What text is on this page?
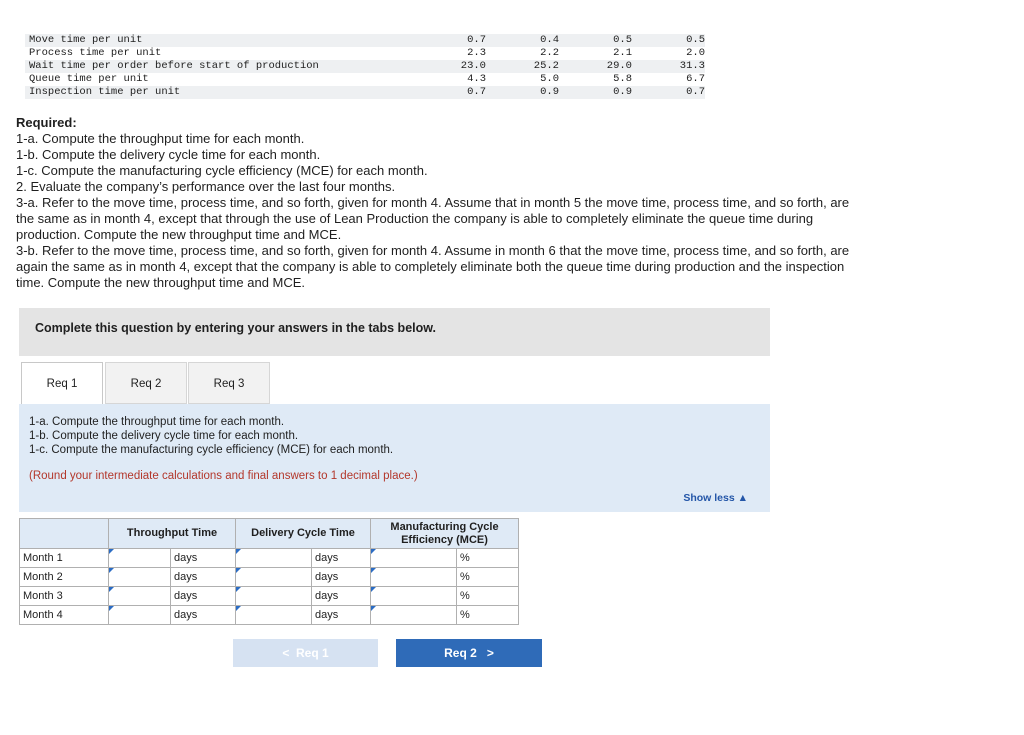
Move time per unit	0.7	0.4	0.5	0.5
Process time per unit	2.3	2.2	2.1	2.0
Wait time per order before start of production	23.0	25.2	29.0	31.3
Queue time per unit	4.3	5.0	5.8	6.7
Inspection time per unit	0.7	0.9	0.9	0.7
Required:
1-a. Compute the throughput time for each month.
1-b. Compute the delivery cycle time for each month.
1-c. Compute the manufacturing cycle efficiency (MCE) for each month.
2. Evaluate the company’s performance over the last four months.
3-a. Refer to the move time, process time, and so forth, given for month 4. Assume that in month 5 the move time, process time, and so forth, are the same as in month 4, except that through the use of Lean Production the company is able to completely eliminate the queue time during production. Compute the new throughput time and MCE.
3-b. Refer to the move time, process time, and so forth, given for month 4. Assume in month 6 that the move time, process time, and so forth, are again the same as in month 4, except that the company is able to completely eliminate both the queue time during production and the inspection time. Compute the new throughput time and MCE.
Complete this question by entering your answers in the tabs below.
Req 1	Req 2	Req 3
1-a. Compute the throughput time for each month.
1-b. Compute the delivery cycle time for each month.
1-c. Compute the manufacturing cycle efficiency (MCE) for each month.
(Round your intermediate calculations and final answers to 1 decimal place.)
Show less ▲
	Throughput Time		Delivery Cycle Time		Manufacturing Cycle Efficiency (MCE)	
Month 1		days		days		%
Month 2		days		days		%
Month 3		days		days		%
Month 4		days		days		%
< Req 1	Req 2 >
